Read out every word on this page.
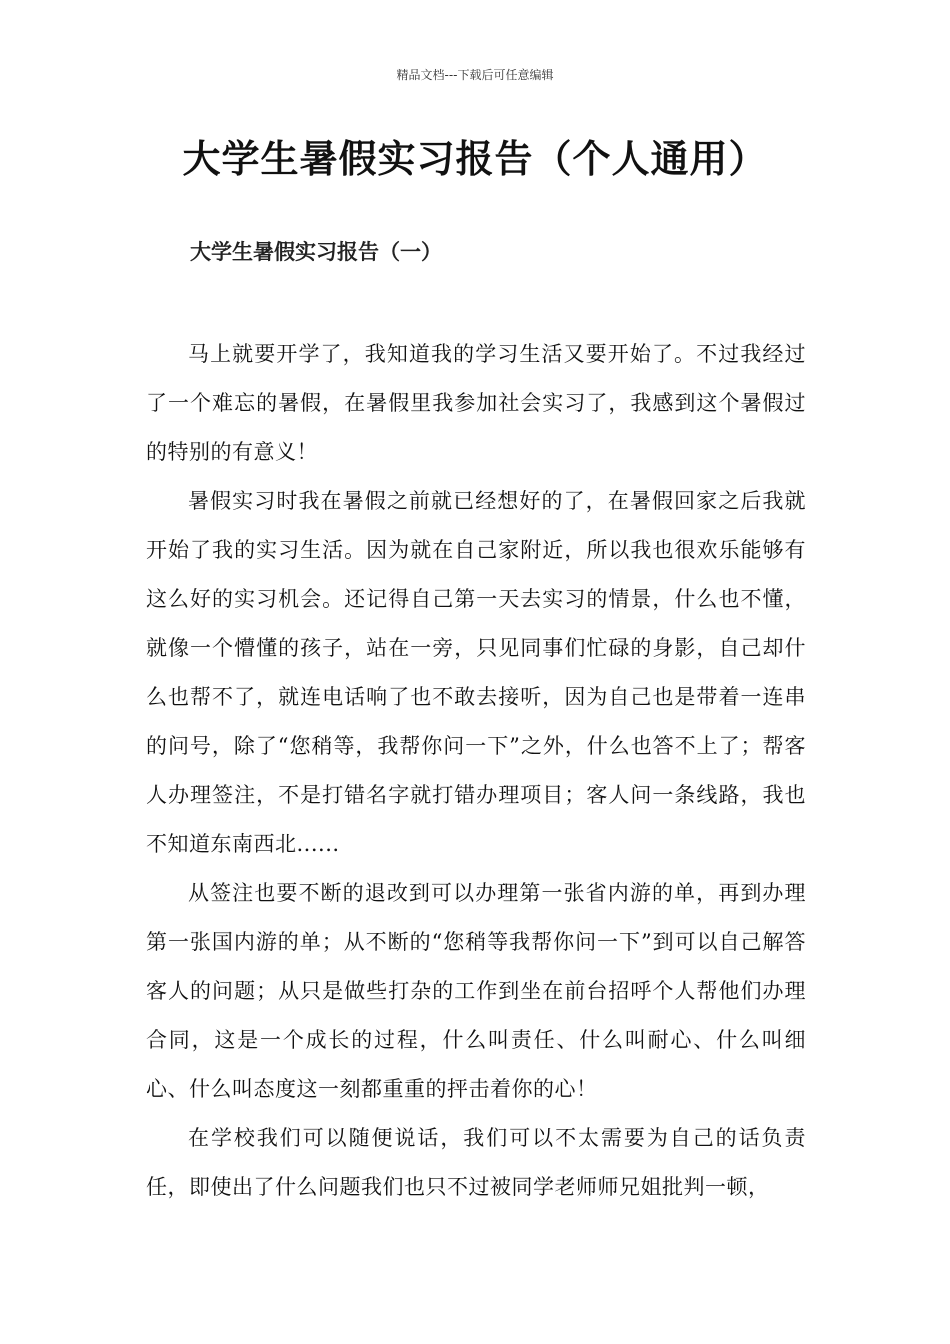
精品文档---下载后可任意编辑
大学生暑假实习报告（个人通用）
大学生暑假实习报告（一）

马上就要开学了，我知道我的学习生活又要开始了。不过我经过了一个难忘的暑假，在暑假里我参加社会实习了，我感到这个暑假过的特别的有意义！

暑假实习时我在暑假之前就已经想好的了，在暑假回家之后我就开始了我的实习生活。因为就在自己家附近，所以我也很欢乐能够有这么好的实习机会。还记得自己第一天去实习的情景，什么也不懂，就像一个懵懂的孩子，站在一旁，只见同事们忙碌的身影，自己却什么也帮不了，就连电话响了也不敢去接听，因为自己也是带着一连串的问号，除了“您稍等，我帮你问一下”之外，什么也答不上了；帮客人办理签注，不是打错名字就打错办理项目；客人问一条线路，我也不知道东南西北......

从签注也要不断的退改到可以办理第一张省内游的单，再到办理第一张国内游的单；从不断的“您稍等我帮你问一下”到可以自己解答客人的问题；从只是做些打杂的工作到坐在前台招呼个人帮他们办理合同，这是一个成长的过程，什么叫责任、什么叫耐心、什么叫细心、什么叫态度这一刻都重重的抨击着你的心！

在学校我们可以随便说话，我们可以不太需要为自己的话负责任，即使出了什么问题我们也只不过被同学老师师兄姐批判一顿，
